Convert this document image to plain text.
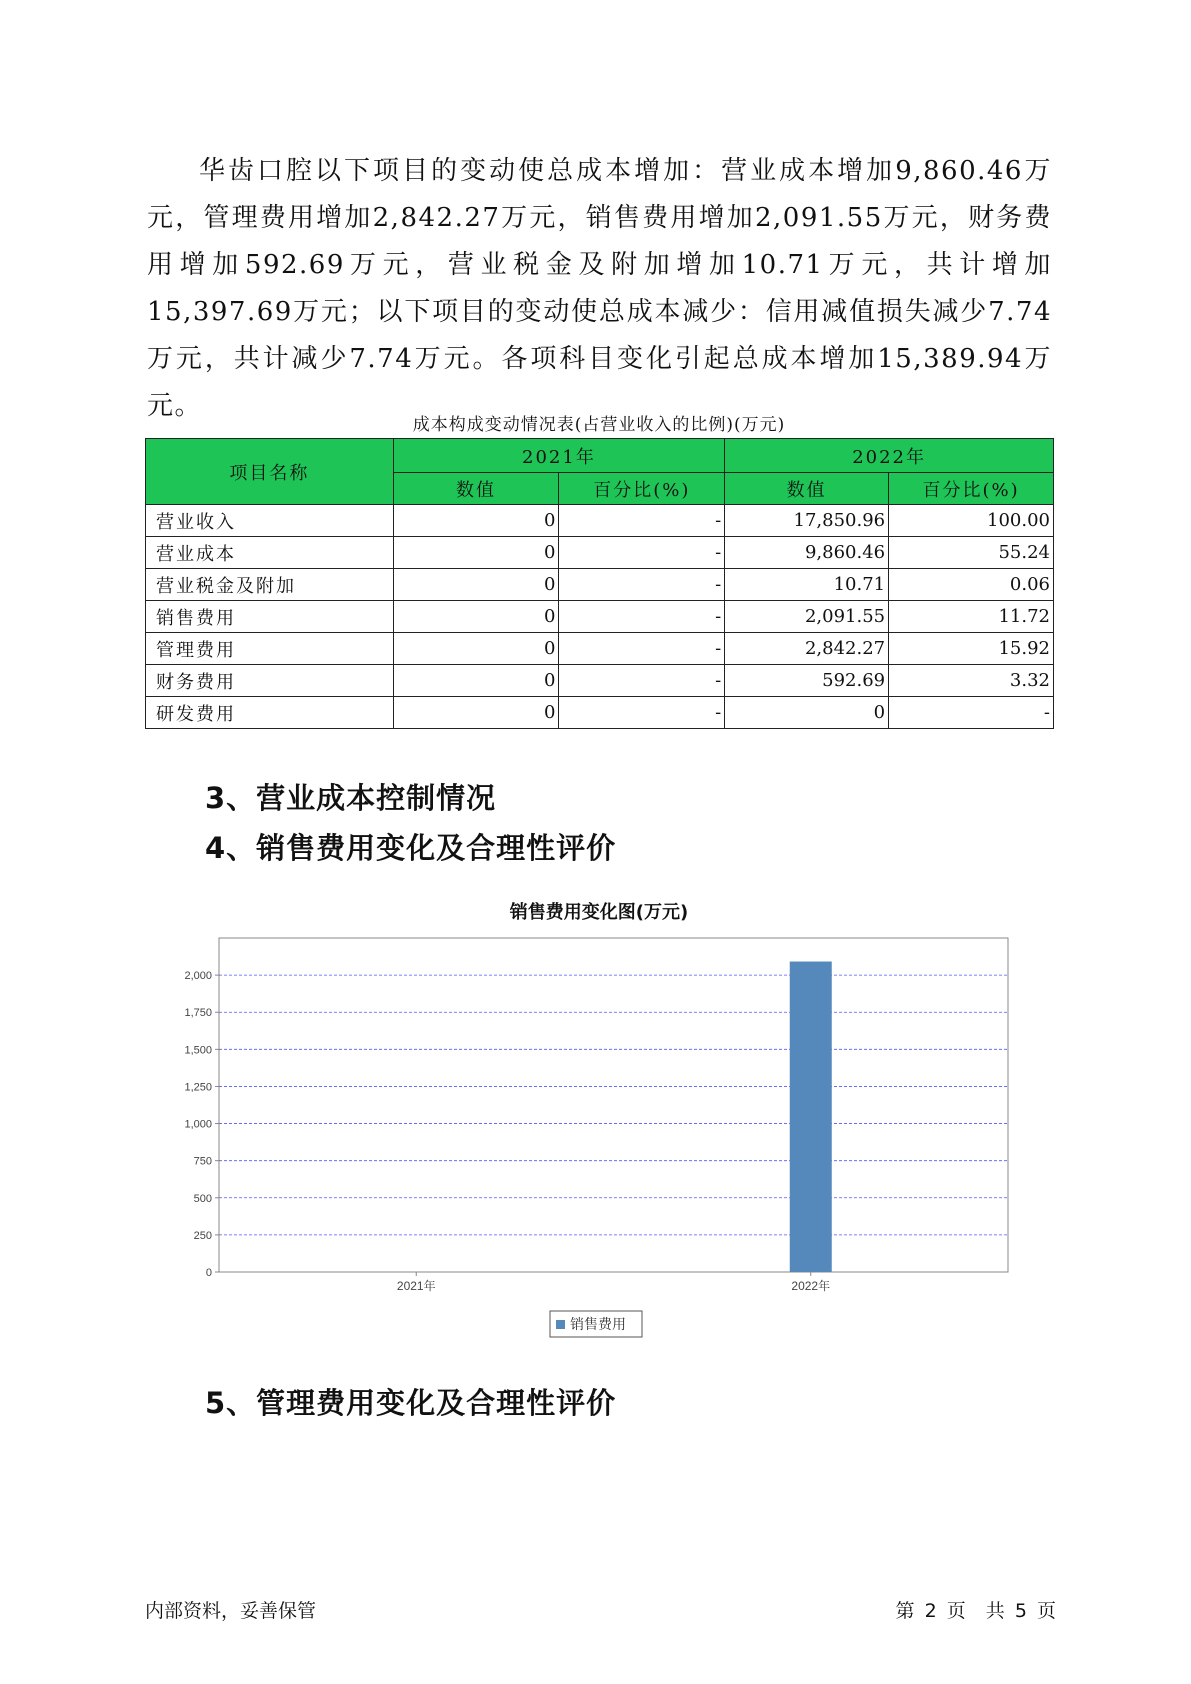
华齿口腔以下项目的变动使总成本增加：营业成本增加9,860.46万元，管理费用增加2,842.27万元，销售费用增加2,091.55万元，财务费用增加592.69万元，营业税金及附加增加10.71万元，共计增加15,397.69万元；以下项目的变动使总成本减少：信用减值损失减少7.74万元，共计减少7.74万元。各项科目变化引起总成本增加15,389.94万元。

成本构成变动情况表(占营业收入的比例)(万元)
项目名称	2021年		2022年	
	数值	百分比(%)	数值	百分比(%)
营业收入	0	-	17,850.96	100.00
营业成本	0	-	9,860.46	55.24
营业税金及附加	0	-	10.71	0.06
销售费用	0	-	2,091.55	11.72
管理费用	0	-	2,842.27	15.92
财务费用	0	-	592.69	3.32
研发费用	0	-	0	-
3、营业成本控制情况
4、销售费用变化及合理性评价
销售费用变化图(万元)
0
250
500
750
1,000
1,250
1,500
1,750
2,000
2021年	2022年
销售费用
5、管理费用变化及合理性评价
内部资料，妥善保管	第 2 页 共 5 页
